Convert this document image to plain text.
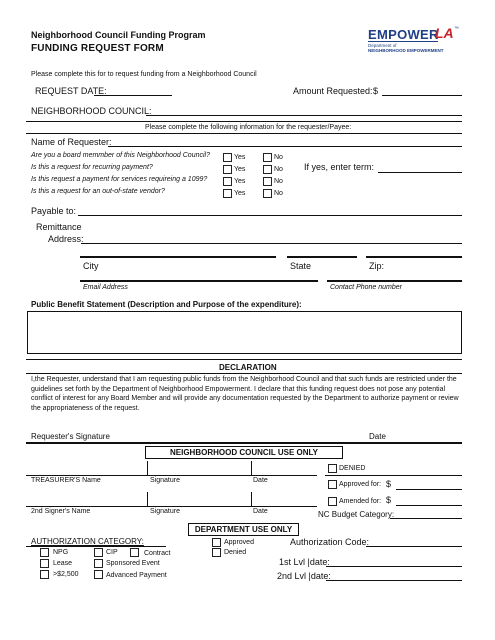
Neighborhood Council Funding Program
FUNDING REQUEST FORM
EMPOWER
LA ™
Department of
NEIGHBORHOOD EMPOWERMENT
Please complete this for to request funding from a Neighborhood Council
REQUEST DATE:	Amount Requested: $
NEIGHBORHOOD COUNCIL:
Please complete the following information for the requester/Payee:
Name of Requester:
Are you a board memmber of this Neighborhood Council?	Yes	No
Is this a request for recurring payment?	Yes	No If yes, enter term:
Is this request a payment for services requireing a 1099?	Yes	No
Is this a request for an out-of-state vendor?	Yes	No
Payable to:
Remittance
Address:
City	State	Zip:
Email Address	Contact Phone number
Public Benefit Statement (Description and Purpose of the expenditure):
DECLARATION
I,the Requester, understand that I am requesting public funds from the Neighborhood Council and that such funds are restricted under the guidelines set forth by the Department of Neighborhood Empowerment. I declare that this funding request does not pose any potential conflict of interest for any Board Member and will provide any documentation requested by the Department to authorize payment or review the appropriateness of the request.
Requester's Signature	Date
NEIGHBORHOOD COUNCIL USE ONLY
TREASURER'S Name	Signature	Date
2nd Signer's Name	Signature	Date
DENIED
Approved for: $
Amended for: $
NC Budget Category:
DEPARTMENT USE ONLY
AUTHORIZATION CATEGORY:
NPG
Lease
>$2,500
CIP	Contract
Sponsored Event
Advanced Payment
Approved
Denied
Authorization Code:
1st Lvl |date:
2nd Lvl |date:
